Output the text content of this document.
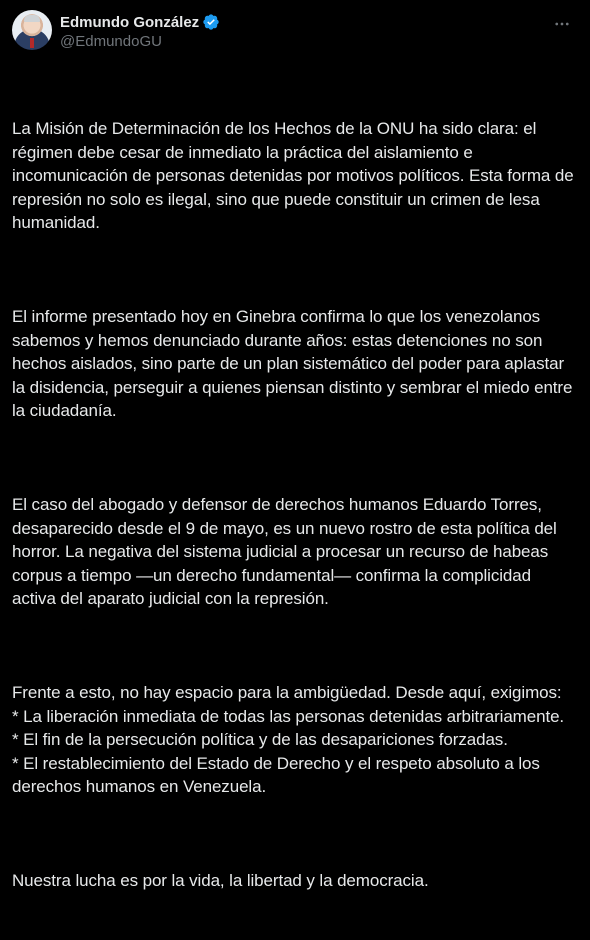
Edmundo González
@EdmundoGU

La Misión de Determinación de los Hechos de la ONU ha sido clara: el
régimen debe cesar de inmediato la práctica del aislamiento e
incomunicación de personas detenidas por motivos políticos. Esta forma de
represión no solo es ilegal, sino que puede constituir un crimen de lesa
humanidad.

El informe presentado hoy en Ginebra confirma lo que los venezolanos
sabemos y hemos denunciado durante años: estas detenciones no son
hechos aislados, sino parte de un plan sistemático del poder para aplastar
la disidencia, perseguir a quienes piensan distinto y sembrar el miedo entre
la ciudadanía.

El caso del abogado y defensor de derechos humanos Eduardo Torres,
desaparecido desde el 9 de mayo, es un nuevo rostro de esta política del
horror. La negativa del sistema judicial a procesar un recurso de habeas
corpus a tiempo —un derecho fundamental— confirma la complicidad
activa del aparato judicial con la represión.

Frente a esto, no hay espacio para la ambigüedad. Desde aquí, exigimos:
* La liberación inmediata de todas las personas detenidas arbitrariamente.
* El fin de la persecución política y de las desapariciones forzadas.
* El restablecimiento del Estado de Derecho y el respeto absoluto a los
derechos humanos en Venezuela.

Nuestra lucha es por la vida, la libertad y la democracia.
